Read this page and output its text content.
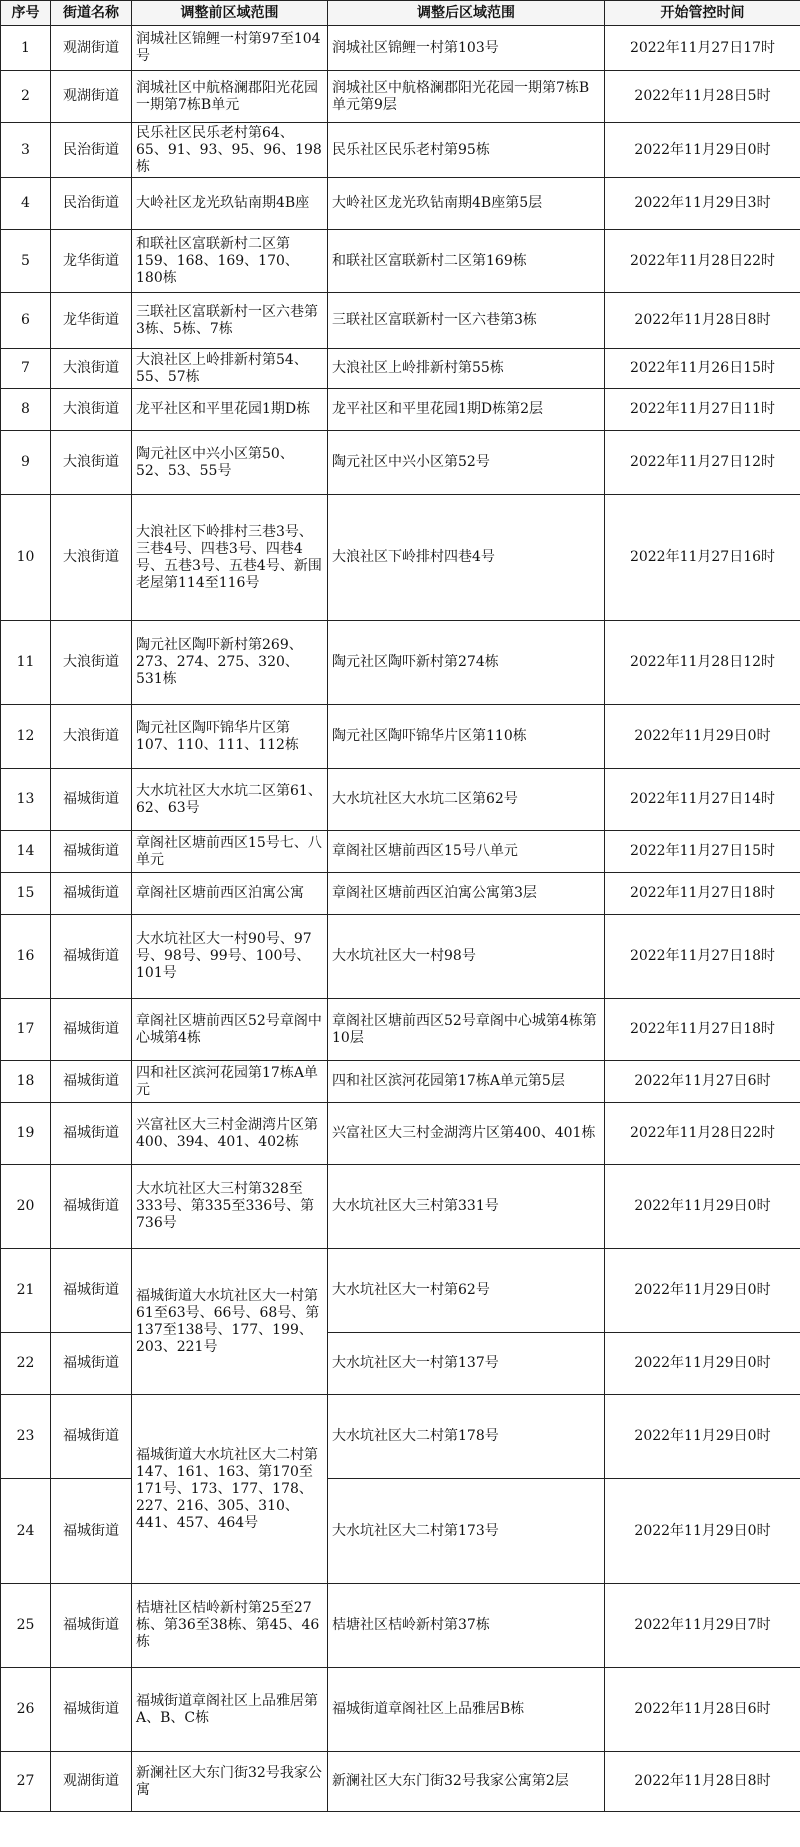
序号	街道名称	调整前区域范围	调整后区域范围	开始管控时间
1	观湖街道	润城社区锦鲤一村第97至104号	润城社区锦鲤一村第103号	2022年11月27日17时
2	观湖街道	润城社区中航格澜郡阳光花园一期第7栋B单元	润城社区中航格澜郡阳光花园一期第7栋B单元第9层	2022年11月28日5时
3	民治街道	民乐社区民乐老村第64、65、91、93、95、96、198栋	民乐社区民乐老村第95栋	2022年11月29日0时
4	民治街道	大岭社区龙光玖钻南期4B座	大岭社区龙光玖钻南期4B座第5层	2022年11月29日3时
5	龙华街道	和联社区富联新村二区第159、168、169、170、180栋	和联社区富联新村二区第169栋	2022年11月28日22时
6	龙华街道	三联社区富联新村一区六巷第3栋、5栋、7栋	三联社区富联新村一区六巷第3栋	2022年11月28日8时
7	大浪街道	大浪社区上岭排新村第54、55、57栋	大浪社区上岭排新村第55栋	2022年11月26日15时
8	大浪街道	龙平社区和平里花园1期D栋	龙平社区和平里花园1期D栋第2层	2022年11月27日11时
9	大浪街道	陶元社区中兴小区第50、52、53、55号	陶元社区中兴小区第52号	2022年11月27日12时
10	大浪街道	大浪社区下岭排村三巷3号、三巷4号、四巷3号、四巷4号、五巷3号、五巷4号、新围老屋第114至116号	大浪社区下岭排村四巷4号	2022年11月27日16时
11	大浪街道	陶元社区陶吓新村第269、273、274、275、320、531栋	陶元社区陶吓新村第274栋	2022年11月28日12时
12	大浪街道	陶元社区陶吓锦华片区第107、110、111、112栋	陶元社区陶吓锦华片区第110栋	2022年11月29日0时
13	福城街道	大水坑社区大水坑二区第61、62、63号	大水坑社区大水坑二区第62号	2022年11月27日14时
14	福城街道	章阁社区塘前西区15号七、八单元	章阁社区塘前西区15号八单元	2022年11月27日15时
15	福城街道	章阁社区塘前西区泊寓公寓	章阁社区塘前西区泊寓公寓第3层	2022年11月27日18时
16	福城街道	大水坑社区大一村90号、97号、98号、99号、100号、101号	大水坑社区大一村98号	2022年11月27日18时
17	福城街道	章阁社区塘前西区52号章阁中心城第4栋	章阁社区塘前西区52号章阁中心城第4栋第10层	2022年11月27日18时
18	福城街道	四和社区滨河花园第17栋A单元	四和社区滨河花园第17栋A单元第5层	2022年11月27日6时
19	福城街道	兴富社区大三村金湖湾片区第400、394、401、402栋	兴富社区大三村金湖湾片区第400、401栋	2022年11月28日22时
20	福城街道	大水坑社区大三村第328至333号、第335至336号、第736号	大水坑社区大三村第331号	2022年11月29日0时
21	福城街道	福城街道大水坑社区大一村第61至63号、66号、68号、第137至138号、177、199、203、221号	大水坑社区大一村第62号	2022年11月29日0时
22	福城街道		大水坑社区大一村第137号	2022年11月29日0时
23	福城街道	福城街道大水坑社区大二村第147、161、163、第170至171号、173、177、178、227、216、305、310、441、457、464号	大水坑社区大二村第178号	2022年11月29日0时
24	福城街道		大水坑社区大二村第173号	2022年11月29日0时
25	福城街道	桔塘社区桔岭新村第25至27栋、第36至38栋、第45、46栋	桔塘社区桔岭新村第37栋	2022年11月29日7时
26	福城街道	福城街道章阁社区上品雅居第A、B、C栋	福城街道章阁社区上品雅居B栋	2022年11月28日6时
27	观湖街道	新澜社区大东门街32号我家公寓	新澜社区大东门街32号我家公寓第2层	2022年11月28日8时
